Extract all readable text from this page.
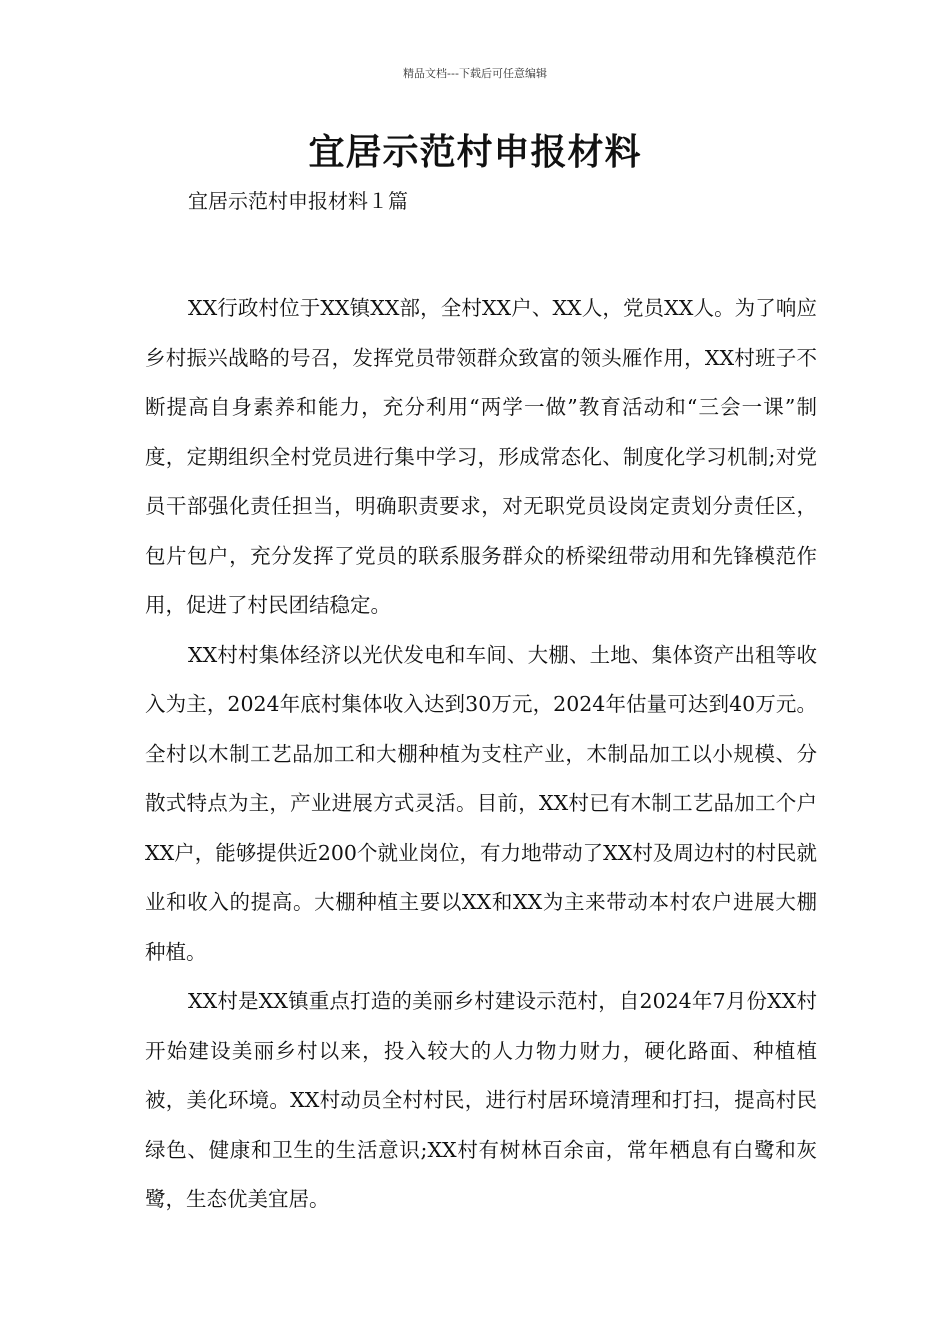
精品文档---下载后可任意编辑
宜居示范村申报材料

宜居示范村申报材料１篇

XX行政村位于XX镇XX部，全村XX户、XX人，党员XX人。为了响应乡村振兴战略的号召，发挥党员带领群众致富的领头雁作用，XX村班子不断提高自身素养和能力，充分利用“两学一做”教育活动和“三会一课”制度，定期组织全村党员进行集中学习，形成常态化、制度化学习机制;对党员干部强化责任担当，明确职责要求，对无职党员设岗定责划分责任区，包片包户，充分发挥了党员的联系服务群众的桥梁纽带动用和先锋模范作用，促进了村民团结稳定。

XX村村集体经济以光伏发电和车间、大棚、土地、集体资产出租等收入为主，2024年底村集体收入达到30万元，2024年估量可达到40万元。全村以木制工艺品加工和大棚种植为支柱产业，木制品加工以小规模、分散式特点为主，产业进展方式灵活。目前，XX村已有木制工艺品加工个户XX户，能够提供近200个就业岗位，有力地带动了XX村及周边村的村民就业和收入的提高。大棚种植主要以XX和XX为主来带动本村农户进展大棚种植。

XX村是XX镇重点打造的美丽乡村建设示范村，自2024年7月份XX村开始建设美丽乡村以来，投入较大的人力物力财力，硬化路面、种植植被，美化环境。XX村动员全村村民，进行村居环境清理和打扫，提高村民绿色、健康和卫生的生活意识;XX村有树林百余亩，常年栖息有白鹭和灰鹭，生态优美宜居。
